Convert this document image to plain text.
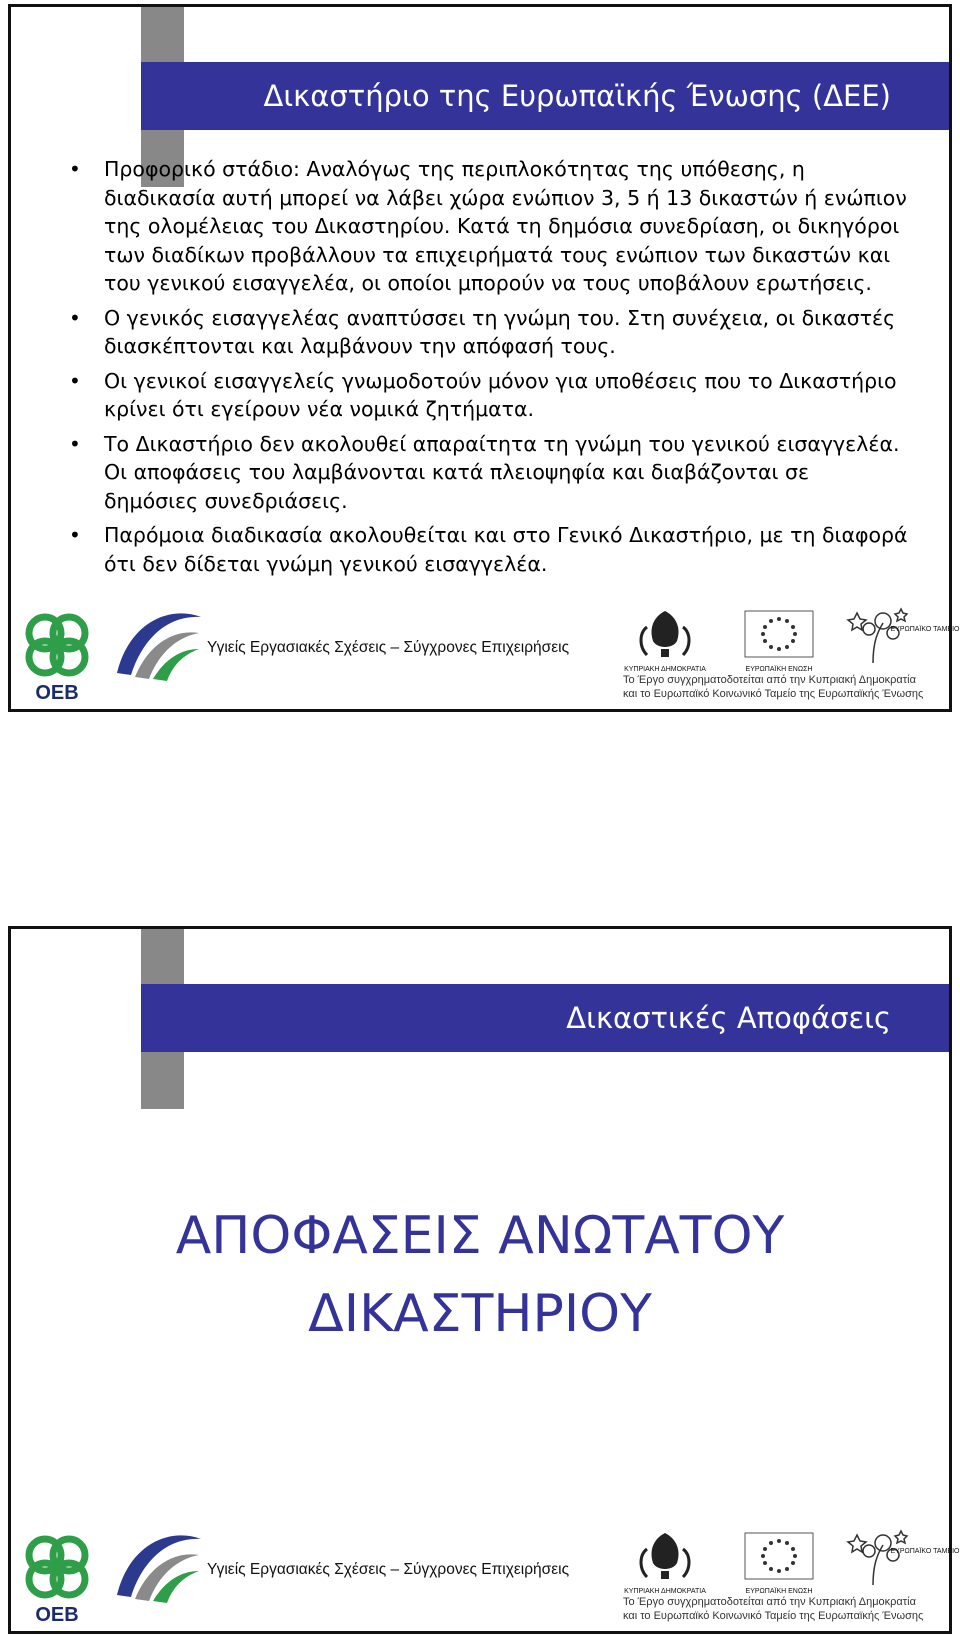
Δικαστήριο της Ευρωπαϊκής Ένωσης (ΔΕΕ)
• Προφορικό στάδιο: Αναλόγως της περιπλοκότητας της υπόθεσης, η διαδικασία αυτή μπορεί να λάβει χώρα ενώπιον 3, 5 ή 13 δικαστών ή ενώπιον της ολομέλειας του Δικαστηρίου. Κατά τη δημόσια συνεδρίαση, οι δικηγόροι των διαδίκων προβάλλουν τα επιχειρήματά τους ενώπιον των δικαστών και του γενικού εισαγγελέα, οι οποίοι μπορούν να τους υποβάλουν ερωτήσεις.
• Ο γενικός εισαγγελέας αναπτύσσει τη γνώμη του. Στη συνέχεια, οι δικαστές διασκέπτονται και λαμβάνουν την απόφασή τους.
• Οι γενικοί εισαγγελείς γνωμοδοτούν μόνον για υποθέσεις που το Δικαστήριο κρίνει ότι εγείρουν νέα νομικά ζητήματα.
• Το Δικαστήριο δεν ακολουθεί απαραίτητα τη γνώμη του γενικού εισαγγελέα. Οι αποφάσεις του λαμβάνονται κατά πλειοψηφία και διαβάζονται σε δημόσιες συνεδριάσεις.
• Παρόμοια διαδικασία ακολουθείται και στο Γενικό Δικαστήριο, με τη διαφορά ότι δεν δίδεται γνώμη γενικού εισαγγελέα.
ΟΕΒ
Υγιείς Εργασιακές Σχέσεις – Σύγχρονες Επιχειρήσεις
ΚΥΠΡΙΑΚΗ ΔΗΜΟΚΡΑΤΙΑ	ΕΥΡΩΠΑΪΚΗ ΕΝΩΣΗ
ΕΥΡΩΠΑΪΚΟ ΤΑΜΕΙΟ
Το Έργο συγχρηματοδοτείται από την Κυπριακή Δημοκρατία
και το Ευρωπαϊκό Κοινωνικό Ταμείο της Ευρωπαϊκής Ένωσης
Δικαστικές Αποφάσεις
ΑΠΟΦΑΣΕΙΣ ΑΝΩΤΑΤΟΥ
ΔΙΚΑΣΤΗΡΙΟΥ
ΟΕΒ
Υγιείς Εργασιακές Σχέσεις – Σύγχρονες Επιχειρήσεις
ΚΥΠΡΙΑΚΗ ΔΗΜΟΚΡΑΤΙΑ	ΕΥΡΩΠΑΪΚΗ ΕΝΩΣΗ
ΕΥΡΩΠΑΪΚΟ ΤΑΜΕΙΟ
Το Έργο συγχρηματοδοτείται από την Κυπριακή Δημοκρατία
και το Ευρωπαϊκό Κοινωνικό Ταμείο της Ευρωπαϊκής Ένωσης
